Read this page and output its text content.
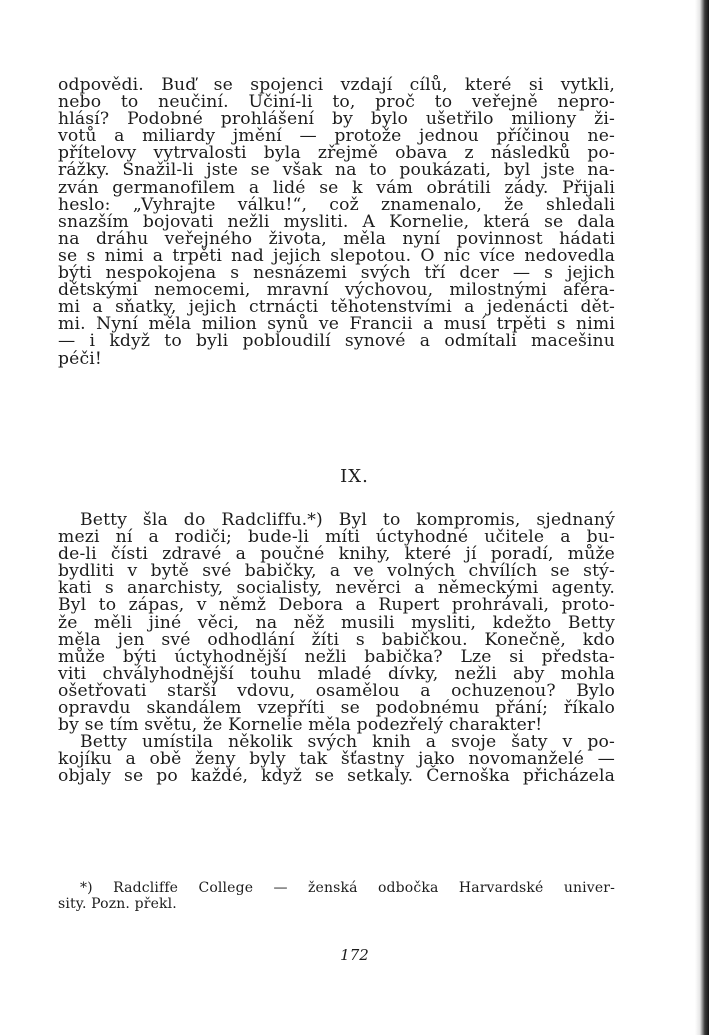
odpovědi. Buď se spojenci vzdají cílů, které si vytkli,
nebo to neučiní. Učiní-li to, proč to veřejně nepro-
hlásí? Podobné prohlášení by bylo ušetřilo miliony ži-
votů a miliardy jmění — protože jednou příčinou ne-
přítelovy vytrvalosti byla zřejmě obava z následků po-
rážky. Snažil-li jste se však na to poukázati, byl jste na-
zván germanofilem a lidé se k vám obrátili zády. Přijali
heslo: „Vyhrajte válku!“, což znamenalo, že shledali
snazším bojovati nežli mysliti. A Kornelie, která se dala
na dráhu veřejného života, měla nyní povinnost hádati
se s nimi a trpěti nad jejich slepotou. O nic více nedovedla
býti nespokojena s nesnázemi svých tří dcer — s jejich
dětskými nemocemi, mravní výchovou, milostnými aféra-
mi a sňatky, jejich ctrnácti těhotenstvími a jedenácti dět-
mi. Nyní měla milion synů ve Francii a musí trpěti s nimi
— i když to byli pobloudilí synové a odmítali macešinu
péči!
IX.
Betty šla do Radcliffu.*) Byl to kompromis, sjednaný
mezi ní a rodiči; bude-li míti úctyhodné učitele a bu-
de-li čísti zdravé a poučné knihy, které jí poradí, může
bydliti v bytě své babičky, a ve volných chvílích se stý-
kati s anarchisty, socialisty, nevěrci a německými agenty.
Byl to zápas, v němž Debora a Rupert prohrávali, proto-
že měli jiné věci, na něž musili mysliti, kdežto Betty
měla jen své odhodlání žíti s babičkou. Konečně, kdo
může býti úctyhodnější nežli babička? Lze si předsta-
viti chvályhodnější touhu mladé dívky, nežli aby mohla
ošetřovati starší vdovu, osamělou a ochuzenou? Bylo
opravdu skandálem vzepříti se podobnému přání; říkalo
by se tím světu, že Kornelie měla podezřelý charakter!
Betty umístila několik svých knih a svoje šaty v po-
kojíku a obě ženy byly tak šťastny jako novomanželé —
objaly se po každé, když se setkaly. Černoška přicházela
*) Radcliffe College — ženská odbočka Harvardské univer-
sity. Pozn. překl.
172
